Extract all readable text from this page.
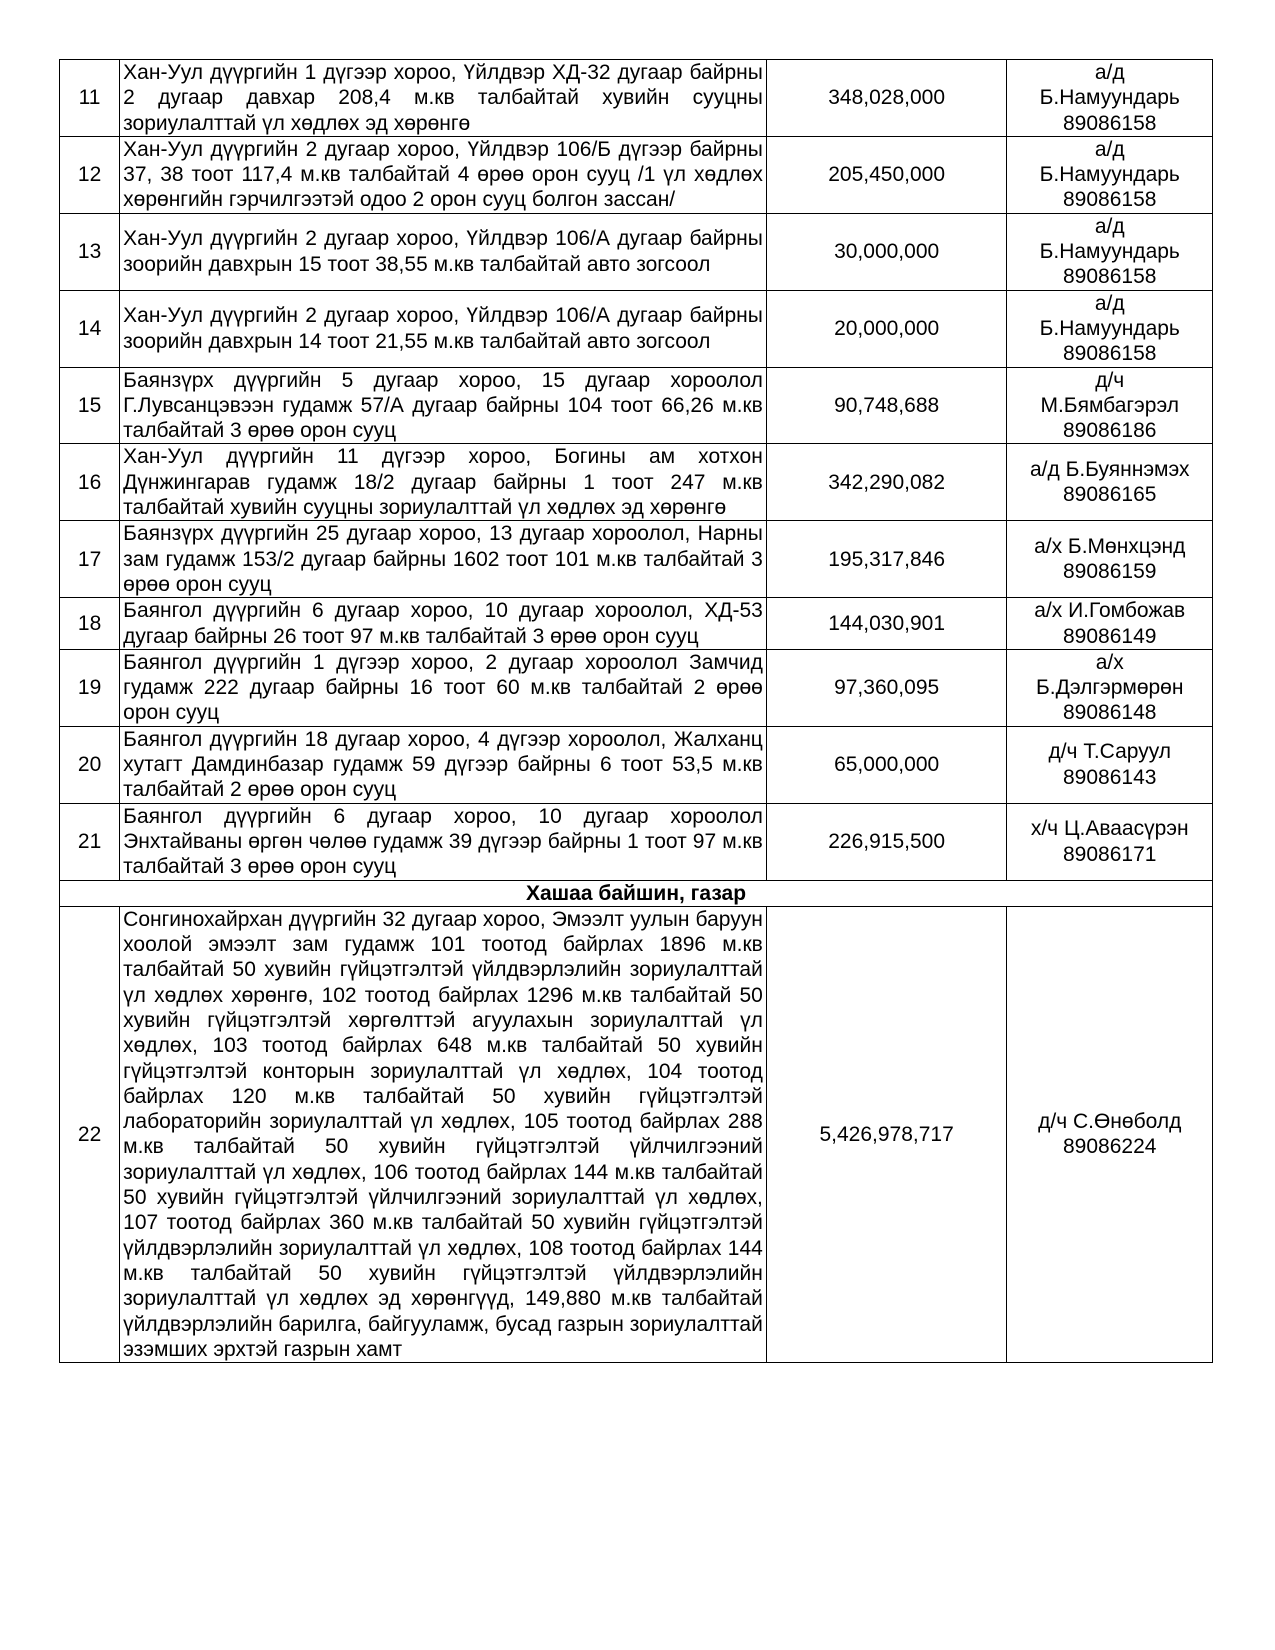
11	Хан-Уул дүүргийн 1 дүгээр хороо, Үйлдвэр ХД-32 дугаар байрны 2 дугаар давхар 208,4 м.кв талбайтай хувийн сууцны зориулалттай үл хөдлөх эд хөрөнгө	348,028,000	а/д
Б.Намуундарь
89086158

12	Хан-Уул дүүргийн 2 дугаар хороо, Үйлдвэр 106/Б дүгээр байрны 37, 38 тоот 117,4 м.кв талбайтай 4 өрөө орон сууц /1 үл хөдлөх хөрөнгийн гэрчилгээтэй одоо 2 орон сууц болгон зассан/	205,450,000	а/д
Б.Намуундарь
89086158

13	Хан-Уул дүүргийн 2 дугаар хороо, Үйлдвэр 106/А дугаар байрны зоорийн давхрын 15 тоот 38,55 м.кв талбайтай авто зогсоол	30,000,000	а/д
Б.Намуундарь
89086158

14	Хан-Уул дүүргийн 2 дугаар хороо, Үйлдвэр 106/А дугаар байрны зоорийн давхрын 14 тоот 21,55 м.кв талбайтай авто зогсоол	20,000,000	а/д
Б.Намуундарь
89086158

15	Баянзүрх дүүргийн 5 дугаар хороо, 15 дугаар хороолол Г.Лувсанцэвээн гудамж 57/А дугаар байрны 104 тоот 66,26 м.кв талбайтай 3 өрөө орон сууц	90,748,688	д/ч
М.Бямбагэрэл
89086186

16	Хан-Уул дүүргийн 11 дүгээр хороо, Богины ам хотхон Дүнжингарав гудамж 18/2 дугаар байрны 1 тоот 247 м.кв талбайтай хувийн сууцны зориулалттай үл хөдлөх эд хөрөнгө	342,290,082	а/д Б.Буяннэмэх
89086165

17	Баянзүрх дүүргийн 25 дугаар хороо, 13 дугаар хороолол, Нарны зам гудамж 153/2 дугаар байрны 1602 тоот 101 м.кв талбайтай 3 өрөө орон сууц	195,317,846	а/х Б.Мөнхцэнд
89086159

18	Баянгол дүүргийн 6 дугаар хороо, 10 дугаар хороолол, ХД-53 дугаар байрны 26 тоот 97 м.кв талбайтай 3 өрөө орон сууц	144,030,901	а/х И.Гомбожав
89086149

19	Баянгол дүүргийн 1 дүгээр хороо, 2 дугаар хороолол Замчид гудамж 222 дугаар байрны 16 тоот 60 м.кв талбайтай 2 өрөө орон сууц	97,360,095	а/х
Б.Дэлгэрмөрөн
89086148

20	Баянгол дүүргийн 18 дугаар хороо, 4 дүгээр хороолол, Жалханц хутагт Дамдинбазар гудамж 59 дүгээр байрны 6 тоот 53,5 м.кв талбайтай 2 өрөө орон сууц	65,000,000	д/ч Т.Саруул
89086143

21	Баянгол дүүргийн 6 дугаар хороо, 10 дугаар хороолол Энхтайваны өргөн чөлөө гудамж 39 дүгээр байрны 1 тоот 97 м.кв талбайтай 3 өрөө орон сууц	226,915,500	х/ч Ц.Аваасүрэн
89086171

Хашаа байшин, газар			
22	Сонгинохайрхан дүүргийн 32 дугаар хороо, Эмээлт уулын баруун хоолой эмээлт зам гудамж 101 тоотод байрлах 1896 м.кв талбайтай 50 хувийн гүйцэтгэлтэй үйлдвэрлэлийн зориулалттай үл хөдлөх хөрөнгө, 102 тоотод байрлах 1296 м.кв талбайтай 50 хувийн гүйцэтгэлтэй хөргөлттэй агуулахын зориулалттай үл хөдлөх, 103 тоотод байрлах 648 м.кв талбайтай 50 хувийн гүйцэтгэлтэй конторын зориулалттай үл хөдлөх, 104 тоотод байрлах 120 м.кв талбайтай 50 хувийн гүйцэтгэлтэй лабораторийн зориулалттай үл хөдлөх, 105 тоотод байрлах 288 м.кв талбайтай 50 хувийн гүйцэтгэлтэй үйлчилгээний зориулалттай үл хөдлөх, 106 тоотод байрлах 144 м.кв талбайтай 50 хувийн гүйцэтгэлтэй үйлчилгээний зориулалттай үл хөдлөх, 107 тоотод байрлах 360 м.кв талбайтай 50 хувийн гүйцэтгэлтэй үйлдвэрлэлийн зориулалттай үл хөдлөх, 108 тоотод байрлах 144 м.кв талбайтай 50 хувийн гүйцэтгэлтэй үйлдвэрлэлийн зориулалттай үл хөдлөх эд хөрөнгүүд, 149,880 м.кв талбайтай үйлдвэрлэлийн барилга, байгууламж, бусад газрын зориулалттай эзэмших эрхтэй газрын хамт	5,426,978,717	д/ч С.Өнөболд
89086224
